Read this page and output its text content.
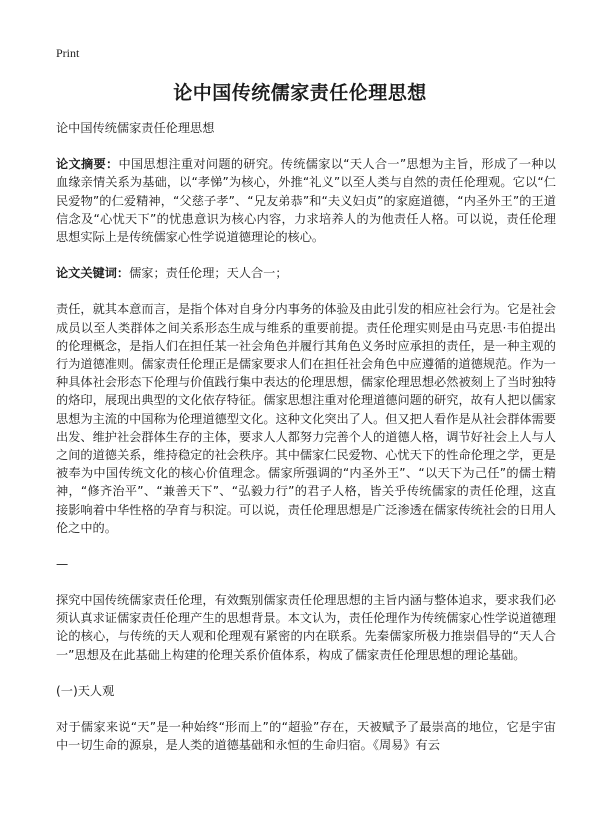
Print
论中国传统儒家责任伦理思想

论中国传统儒家责任伦理思想

论文摘要：中国思想注重对问题的研究。传统儒家以“天人合一”思想为主旨，形成了一种以血缘亲情关系为基础，以“孝悌”为核心，外推“礼义”以至人类与自然的责任伦理观。它以“仁民爱物”的仁爱精神，“父慈子孝”、“兄友弟恭”和“夫义妇贞”的家庭道德，“内圣外王”的王道信念及“心忧天下”的忧患意识为核心内容，力求培养人的为他责任人格。可以说，责任伦理思想实际上是传统儒家心性学说道德理论的核心。

论文关键词：儒家；责任伦理；天人合一；

责任，就其本意而言，是指个体对自身分内事务的体验及由此引发的相应社会行为。它是社会成员以至人类群体之间关系形态生成与维系的重要前提。责任伦理实则是由马克思·韦伯提出的伦理概念，是指人们在担任某一社会角色并履行其角色义务时应承担的责任，是一种主观的行为道德准则。儒家责任伦理正是儒家要求人们在担任社会角色中应遵循的道德规范。作为一种具体社会形态下伦理与价值践行集中表达的伦理思想，儒家伦理思想必然被刻上了当时独特的烙印，展现出典型的文化依存特征。儒家思想注重对伦理道德问题的研究，故有人把以儒家思想为主流的中国称为伦理道德型文化。这种文化突出了人。但又把人看作是从社会群体需要出发、维护社会群体生存的主体，要求人人都努力完善个人的道德人格，调节好社会上人与人之间的道德关系，维持稳定的社会秩序。其中儒家仁民爱物、心忧天下的性命伦理之学，更是被奉为中国传统文化的核心价值理念。儒家所强调的“内圣外王”、“以天下为己任”的儒士精神，“修齐治平”、“兼善天下”、“弘毅力行”的君子人格，皆关乎传统儒家的责任伦理，这直接影响着中华性格的孕育与积淀。可以说，责任伦理思想是广泛渗透在儒家传统社会的日用人伦之中的。

—

探究中国传统儒家责任伦理，有效甄别儒家责任伦理思想的主旨内涵与整体追求，要求我们必须认真求证儒家责任伦理产生的思想背景。本文认为，责任伦理作为传统儒家心性学说道德理论的核心，与传统的天人观和伦理观有紧密的内在联系。先秦儒家所极力推崇倡导的“天人合一”思想及在此基础上构建的伦理关系价值体系，构成了儒家责任伦理思想的理论基础。

(一)天人观

对于儒家来说“天”是一种始终“形而上”的“超验”存在，天被赋予了最崇高的地位，它是宇宙中一切生命的源泉，是人类的道德基础和永恒的生命归宿。《周易》有云
